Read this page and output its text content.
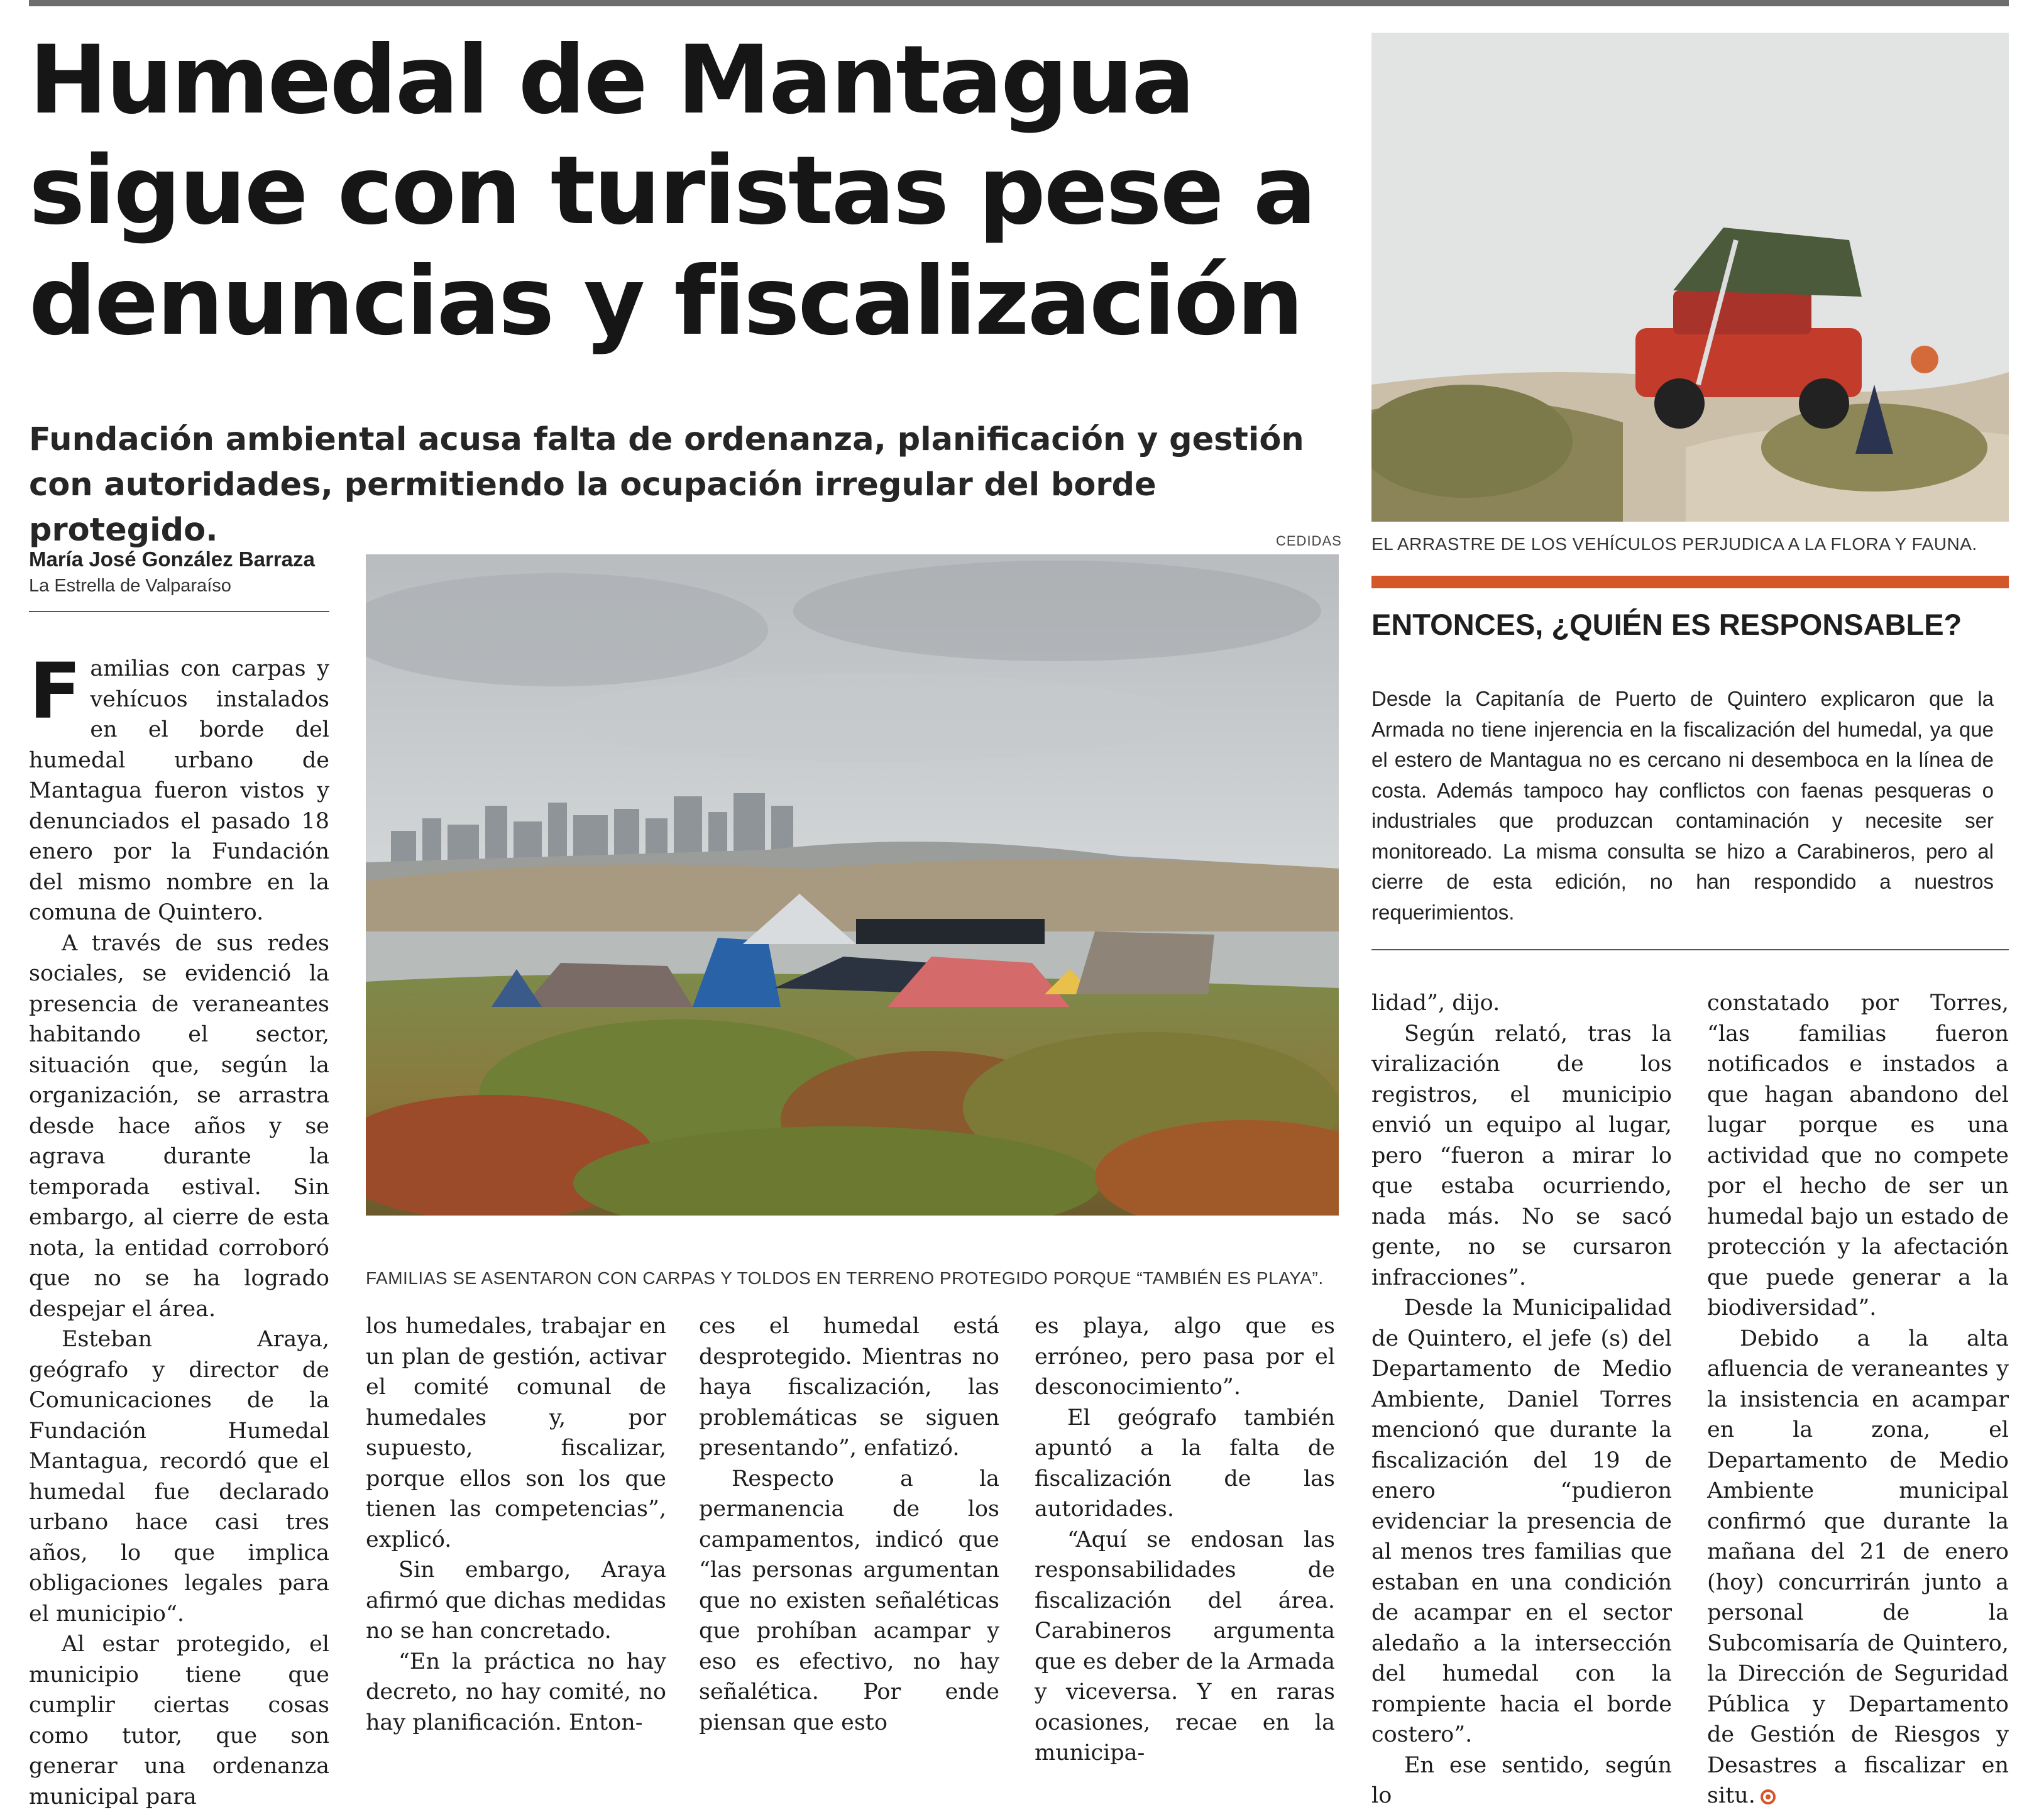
Humedal de Mantagua
sigue con turistas pese a
denuncias y fiscalización
Fundación ambiental acusa falta de ordenanza, planificación y gestión con autoridades, permitiendo la ocupación irregular del borde protegido.
María José González Barraza
La Estrella de Valparaíso
CEDIDAS
FAMILIAS SE ASENTARON CON CARPAS Y TOLDOS EN TERRENO PROTEGIDO PORQUE “TAMBIÉN ES PLAYA”.
EL ARRASTRE DE LOS VEHÍCULOS PERJUDICA A LA FLORA Y FAUNA.
ENTONCES, ¿QUIÉN ES RESPONSABLE?
Desde la Capitanía de Puerto de Quintero explicaron que la Armada no tiene injerencia en la fiscalización del humedal, ya que el estero de Mantagua no es cercano ni desemboca en la línea de costa. Además tampoco hay conflictos con faenas pesqueras o industriales que produzcan contaminación y necesite ser monitoreado. La misma consulta se hizo a Carabineros, pero al cierre de esta edición, no han respondido a nuestros requerimientos.

Familias con carpas y vehícuos instalados en el borde del humedal urbano de Mantagua fueron vistos y denunciados el pasado 18 enero por la Fundación del mismo nombre en la comuna de Quintero.

A través de sus redes sociales, se evidenció la presencia de veraneantes habitando el sector, situación que, según la organización, se arrastra desde hace años y se agrava durante la temporada estival. Sin embargo, al cierre de esta nota, la entidad corroboró que no se ha logrado despejar el área.

Esteban Araya, geógrafo y director de Comunicaciones de la Fundación Humedal Mantagua, recordó que el humedal fue declarado urbano hace casi tres años, lo que implica obligaciones legales para el municipio“.

Al estar protegido, el municipio tiene que cumplir ciertas cosas como tutor, que son generar una ordenanza municipal para

los humedales, trabajar en un plan de gestión, activar el comité comunal de humedales y, por supuesto, fiscalizar, porque ellos son los que tienen las competencias”, explicó.

Sin embargo, Araya afirmó que dichas medidas no se han concretado.

“En la práctica no hay decreto, no hay comité, no hay planificación. Enton-

ces el humedal está desprotegido. Mientras no haya fiscalización, las problemáticas se siguen presentando”, enfatizó.

Respecto a la permanencia de los campamentos, indicó que “las personas argumentan que no existen señaléticas que prohíban acampar y eso es efectivo, no hay señalética. Por ende piensan que esto

es playa, algo que es erróneo, pero pasa por el desconocimiento”.

El geógrafo también apuntó a la falta de fiscalización de las autoridades.

“Aquí se endosan las responsabilidades de fiscalización del área. Carabineros argumenta que es deber de la Armada y viceversa. Y en raras ocasiones, recae en la municipa-

lidad”, dijo.

Según relató, tras la viralización de los registros, el municipio envió un equipo al lugar, pero “fueron a mirar lo que estaba ocurriendo, nada más. No se sacó gente, no se cursaron infracciones”.

Desde la Municipalidad de Quintero, el jefe (s) del Departamento de Medio Ambiente, Daniel Torres mencionó que durante la fiscalización del 19 de enero “pudieron evidenciar la presencia de al menos tres familias que estaban en una condición de acampar en el sector aledaño a la intersección del humedal con la rompiente hacia el borde costero”.

En ese sentido, según lo

constatado por Torres, “las familias fueron notificados e instados a que hagan abandono del lugar porque es una actividad que no compete por el hecho de ser un humedal bajo un estado de protección y la afectación que puede generar a la biodiversidad”.

Debido a la alta afluencia de veraneantes y la insistencia en acampar en la zona, el Departamento de Medio Ambiente municipal confirmó que durante la mañana del 21 de enero (hoy) concurrirán junto a personal de la Subcomisaría de Quintero, la Dirección de Seguridad Pública y Departamento de Gestión de Riesgos y Desastres a fiscalizar en situ.
